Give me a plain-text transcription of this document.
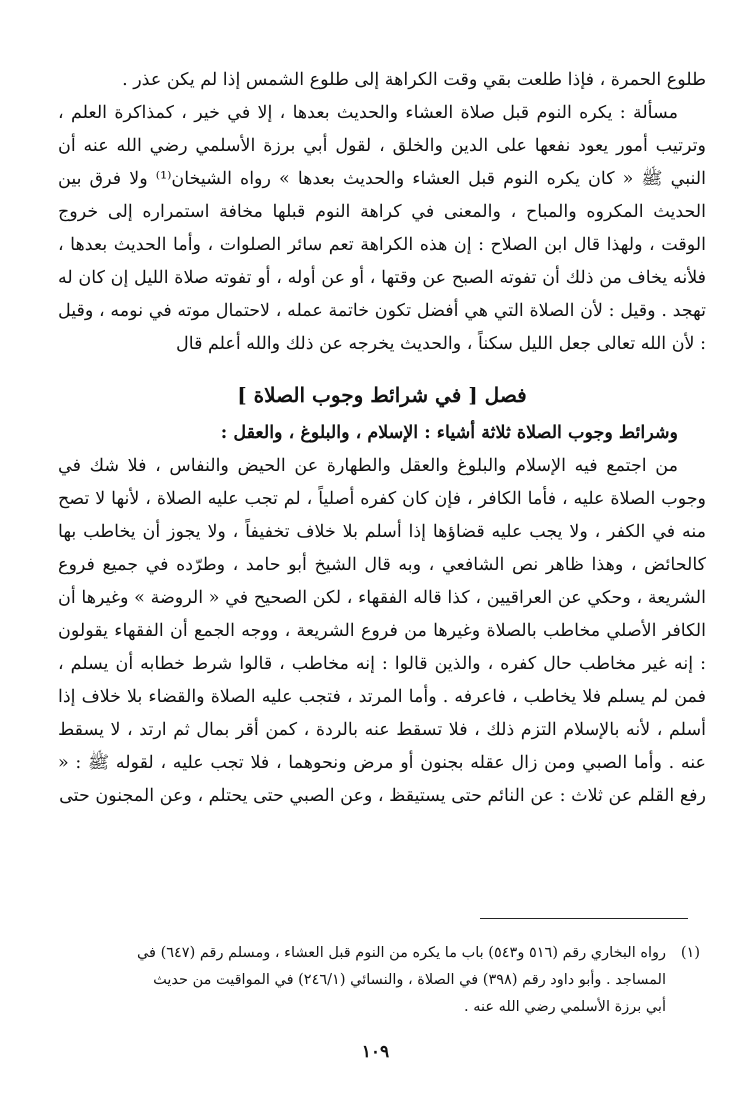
طلوع الحمرة ، فإذا طلعت بقي وقت الكراهة إلى طلوع الشمس إذا لم يكن عذر .

مسألة : يكره النوم قبل صلاة العشاء والحديث بعدها ، إلا في خير ، كمذاكرة العلم ، وترتيب أمور يعود نفعها على الدين والخلق ، لقول أبي برزة الأسلمي رضي الله عنه أن النبي ﷺ « كان يكره النوم قبل العشاء والحديث بعدها » رواه الشيخان⁽¹⁾ ولا فرق بين الحديث المكروه والمباح ، والمعنى في كراهة النوم قبلها مخافة استمراره إلى خروج الوقت ، ولهذا قال ابن الصلاح : إن هذه الكراهة تعم سائر الصلوات ، وأما الحديث بعدها ، فلأنه يخاف من ذلك أن تفوته الصبح عن وقتها ، أو عن أوله ، أو تفوته صلاة الليل إن كان له تهجد . وقيل : لأن الصلاة التي هي أفضل تكون خاتمة عمله ، لاحتمال موته في نومه ، وقيل : لأن الله تعالى جعل الليل سكناً ، والحديث يخرجه عن ذلك والله أعلم قال

فصل [ في شرائط وجوب الصلاة ]

وشرائط وجوب الصلاة ثلاثة أشياء : الإسلام ، والبلوغ ، والعقل :

من اجتمع فيه الإسلام والبلوغ والعقل والطهارة عن الحيض والنفاس ، فلا شك في وجوب الصلاة عليه ، فأما الكافر ، فإن كان كفره أصلياً ، لم تجب عليه الصلاة ، لأنها لا تصح منه في الكفر ، ولا يجب عليه قضاؤها إذا أسلم بلا خلاف تخفيفاً ، ولا يجوز أن يخاطب بها كالحائض ، وهذا ظاهر نص الشافعي ، وبه قال الشيخ أبو حامد ، وطرّده في جميع فروع الشريعة ، وحكي عن العراقيين ، كذا قاله الفقهاء ، لكن الصحيح في « الروضة » وغيرها أن الكافر الأصلي مخاطب بالصلاة وغيرها من فروع الشريعة ، ووجه الجمع أن الفقهاء يقولون : إنه غير مخاطب حال كفره ، والذين قالوا : إنه مخاطب ، قالوا شرط خطابه أن يسلم ، فمن لم يسلم فلا يخاطب ، فاعرفه . وأما المرتد ، فتجب عليه الصلاة والقضاء بلا خلاف إذا أسلم ، لأنه بالإسلام التزم ذلك ، فلا تسقط عنه بالردة ، كمن أقر بمال ثم ارتد ، لا يسقط عنه . وأما الصبي ومن زال عقله بجنون أو مرض ونحوهما ، فلا تجب عليه ، لقوله ﷺ : « رفع القلم عن ثلاث : عن النائم حتى يستيقظ ، وعن الصبي حتى يحتلم ، وعن المجنون حتى

(١)رواه البخاري رقم (٥١٦ و٥٤٣) باب ما يكره من النوم قبل العشاء ، ومسلم رقم (٦٤٧) في
المساجد . وأبو داود رقم (٣٩٨) في الصلاة ، والنسائي (٢٤٦/١) في المواقيت من حديث
أبي برزة الأسلمي رضي الله عنه .
١٠٩
